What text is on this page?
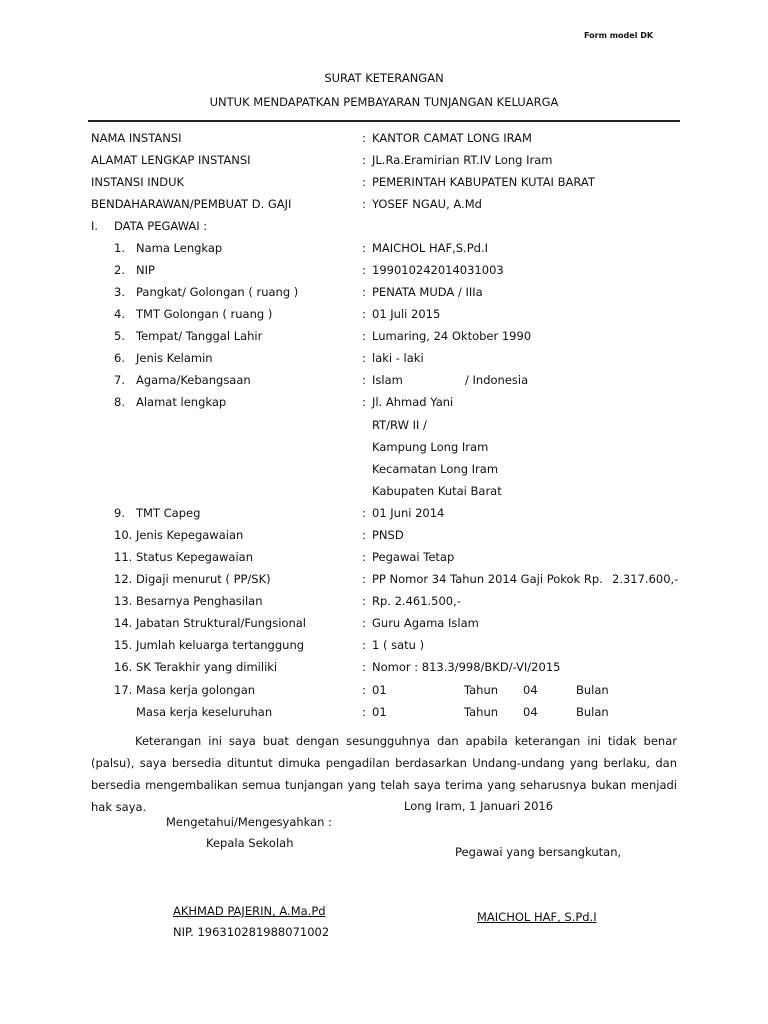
Form model DK
SURAT KETERANGAN
UNTUK MENDAPATKAN PEMBAYARAN TUNJANGAN KELUARGA
NAMA INSTANSI	: KANTOR CAMAT LONG IRAM
ALAMAT LENGKAP INSTANSI	: JL.Ra.Eramirian RT.IV Long Iram
INSTANSI INDUK	: PEMERINTAH KABUPATEN KUTAI BARAT
BENDAHARAWAN/PEMBUAT D. GAJI	: YOSEF NGAU, A.Md
I. DATA PEGAWAI :
1. Nama Lengkap	: MAICHOL HAF,S.Pd.I
2. NIP	: 199010242014031003
3. Pangkat/ Golongan ( ruang )	: PENATA MUDA / IIIa
4. TMT Golongan ( ruang )	: 01 Juli 2015
5. Tempat/ Tanggal Lahir	: Lumaring, 24 Oktober 1990
6. Jenis Kelamin	: laki - laki
7. Agama/Kebangsaan	: Islam	/ Indonesia
8. Alamat lengkap	: Jl. Ahmad Yani
RT/RW II /
Kampung Long Iram
Kecamatan Long Iram
Kabupaten Kutai Barat
9. TMT Capeg	: 01 Juni 2014
10. Jenis Kepegawaian	: PNSD
11. Status Kepegawaian	: Pegawai Tetap
12. Digaji menurut ( PP/SK)	: PP Nomor 34 Tahun 2014 Gaji Pokok Rp. 2.317.600,-
13. Besarnya Penghasilan	: Rp. 2.461.500,-
14. Jabatan Struktural/Fungsional	: Guru Agama Islam
15. Jumlah keluarga tertanggung	: 1 ( satu )
16. SK Terakhir yang dimiliki	: Nomor : 813.3/998/BKD/-VI/2015
17. Masa kerja golongan	: 01	Tahun 04	Bulan
Masa kerja keseluruhan	: 01	Tahun 04	Bulan
Keterangan ini saya buat dengan sesungguhnya dan apabila keterangan ini tidak benar (palsu), saya bersedia dituntut dimuka pengadilan berdasarkan Undang-undang yang berlaku, dan bersedia mengembalikan semua tunjangan yang telah saya terima yang seharusnya bukan menjadi hak saya.	Long Iram, 1 Januari 2016
Mengetahui/Mengesyahkan :
Kepala Sekolah
Pegawai yang bersangkutan,
AKHMAD PAJERIN, A.Ma.Pd
NIP. 196310281988071002
MAICHOL HAF, S.Pd.I
